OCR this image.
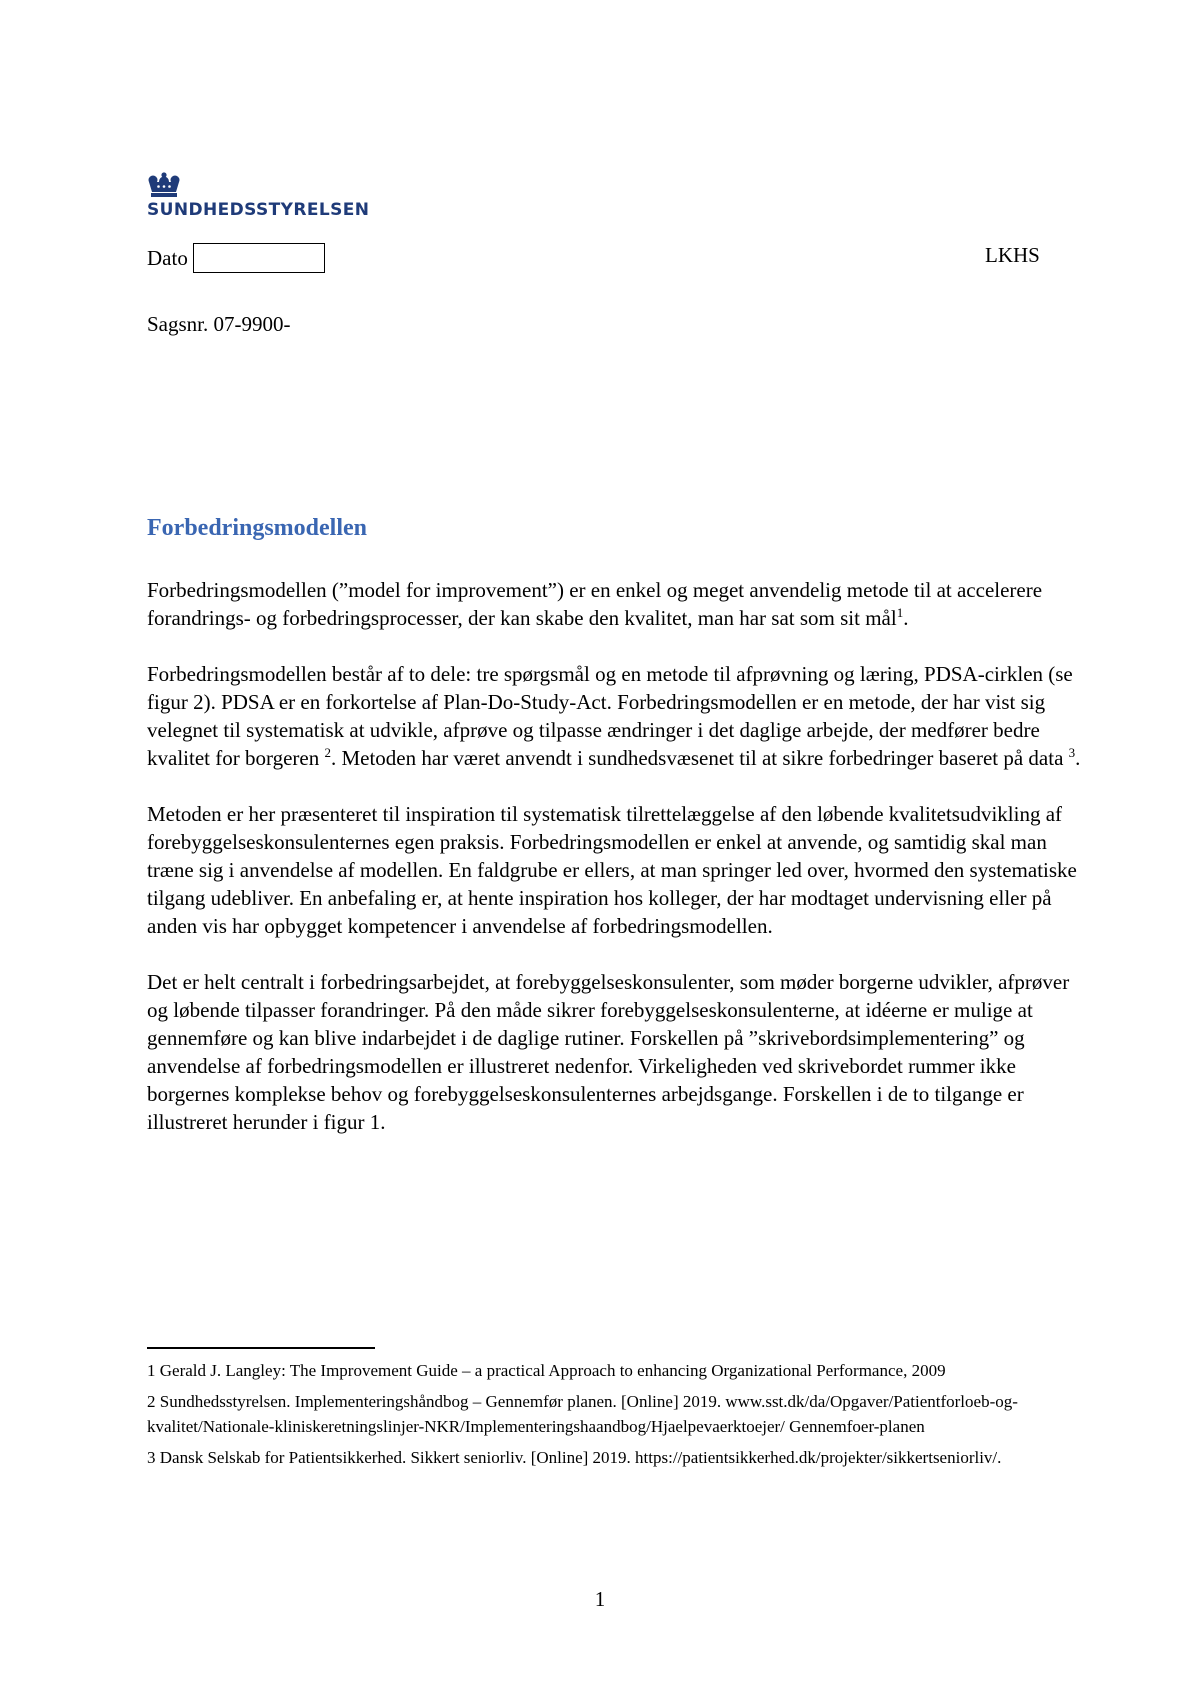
SUNDHEDSSTYRELSEN
Dato	LKHS
Sagsnr. 07-9900-
Forbedringsmodellen

Forbedringsmodellen (”model for improvement”) er en enkel og meget anvendelig metode til at accelerere forandrings- og forbedringsprocesser, der kan skabe den kvalitet, man har sat som sit mål$^1$.

Forbedringsmodellen består af to dele: tre spørgsmål og en metode til afprøvning og læring, PDSA-cirklen (se figur 2). PDSA er en forkortelse af Plan-Do-Study-Act. Forbedringsmodellen er en metode, der har vist sig velegnet til systematisk at udvikle, afprøve og tilpasse ændringer i det daglige arbejde, der medfører bedre kvalitet for borgeren $^2$. Metoden har været anvendt i sundhedsvæsenet til at sikre forbedringer baseret på data $^3$.

Metoden er her præsenteret til inspiration til systematisk tilrettelæggelse af den løbende kvalitetsudvikling af forebyggelseskonsulenternes egen praksis. Forbedringsmodellen er enkel at anvende, og samtidig skal man træne sig i anvendelse af modellen. En faldgrube er ellers, at man springer led over, hvormed den systematiske tilgang udebliver. En anbefaling er, at hente inspiration hos kolleger, der har modtaget undervisning eller på anden vis har opbygget kompetencer i anvendelse af forbedringsmodellen.

Det er helt centralt i forbedringsarbejdet, at forebyggelseskonsulenter, som møder borgerne udvikler, afprøver og løbende tilpasser forandringer. På den måde sikrer forebyggelseskonsulenterne, at idéerne er mulige at gennemføre og kan blive indarbejdet i de daglige rutiner. Forskellen på ”skrivebordsimplementering” og anvendelse af forbedringsmodellen er illustreret nedenfor. Virkeligheden ved skrivebordet rummer ikke borgernes komplekse behov og forebyggelseskonsulenternes arbejdsgange. Forskellen i de to tilgange er illustreret herunder i figur 1.

1 Gerald J. Langley: The Improvement Guide – a practical Approach to enhancing Organizational Performance, 2009

2 Sundhedsstyrelsen. Implementeringshåndbog – Gennemfør planen. [Online] 2019. www.sst.dk/da/Opgaver/Patientforloeb-og-kvalitet/Nationale-kliniskeretningslinjer-NKR/Implementeringshaandbog/Hjaelpevaerktoejer/ Gennemfoer-planen

3 Dansk Selskab for Patientsikkerhed. Sikkert seniorliv. [Online] 2019. https://patientsikkerhed.dk/projekter/sikkertseniorliv/.

1
